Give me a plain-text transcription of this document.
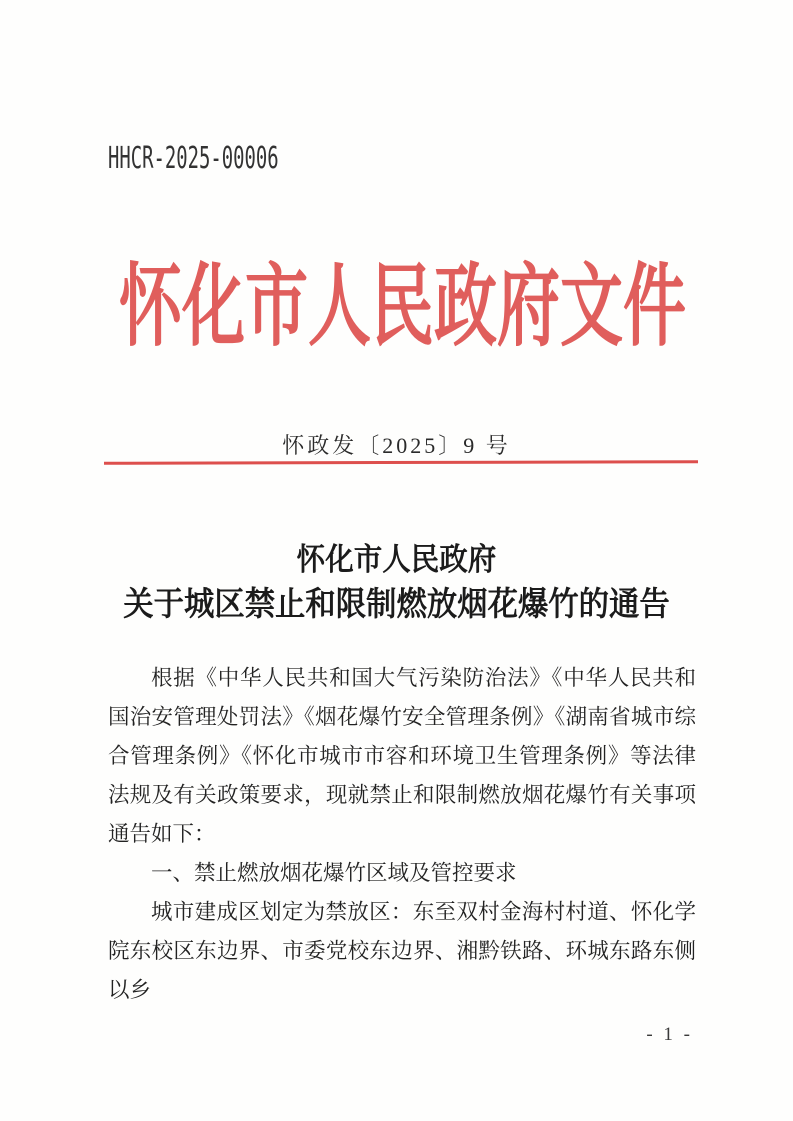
HHCR-2025-00006
怀化市人民政府文件
怀政发〔2025〕9 号
怀化市人民政府
关于城区禁止和限制燃放烟花爆竹的通告

根据《中华人民共和国大气污染防治法》《中华人民共和国治安管理处罚法》《烟花爆竹安全管理条例》《湖南省城市综合管理条例》《怀化市城市市容和环境卫生管理条例》等法律法规及有关政策要求，现就禁止和限制燃放烟花爆竹有关事项通告如下：

一、禁止燃放烟花爆竹区域及管控要求

城市建成区划定为禁放区：东至双村金海村村道、怀化学院东校区东边界、市委党校东边界、湘黔铁路、环城东路东侧以乡

- 1 -
